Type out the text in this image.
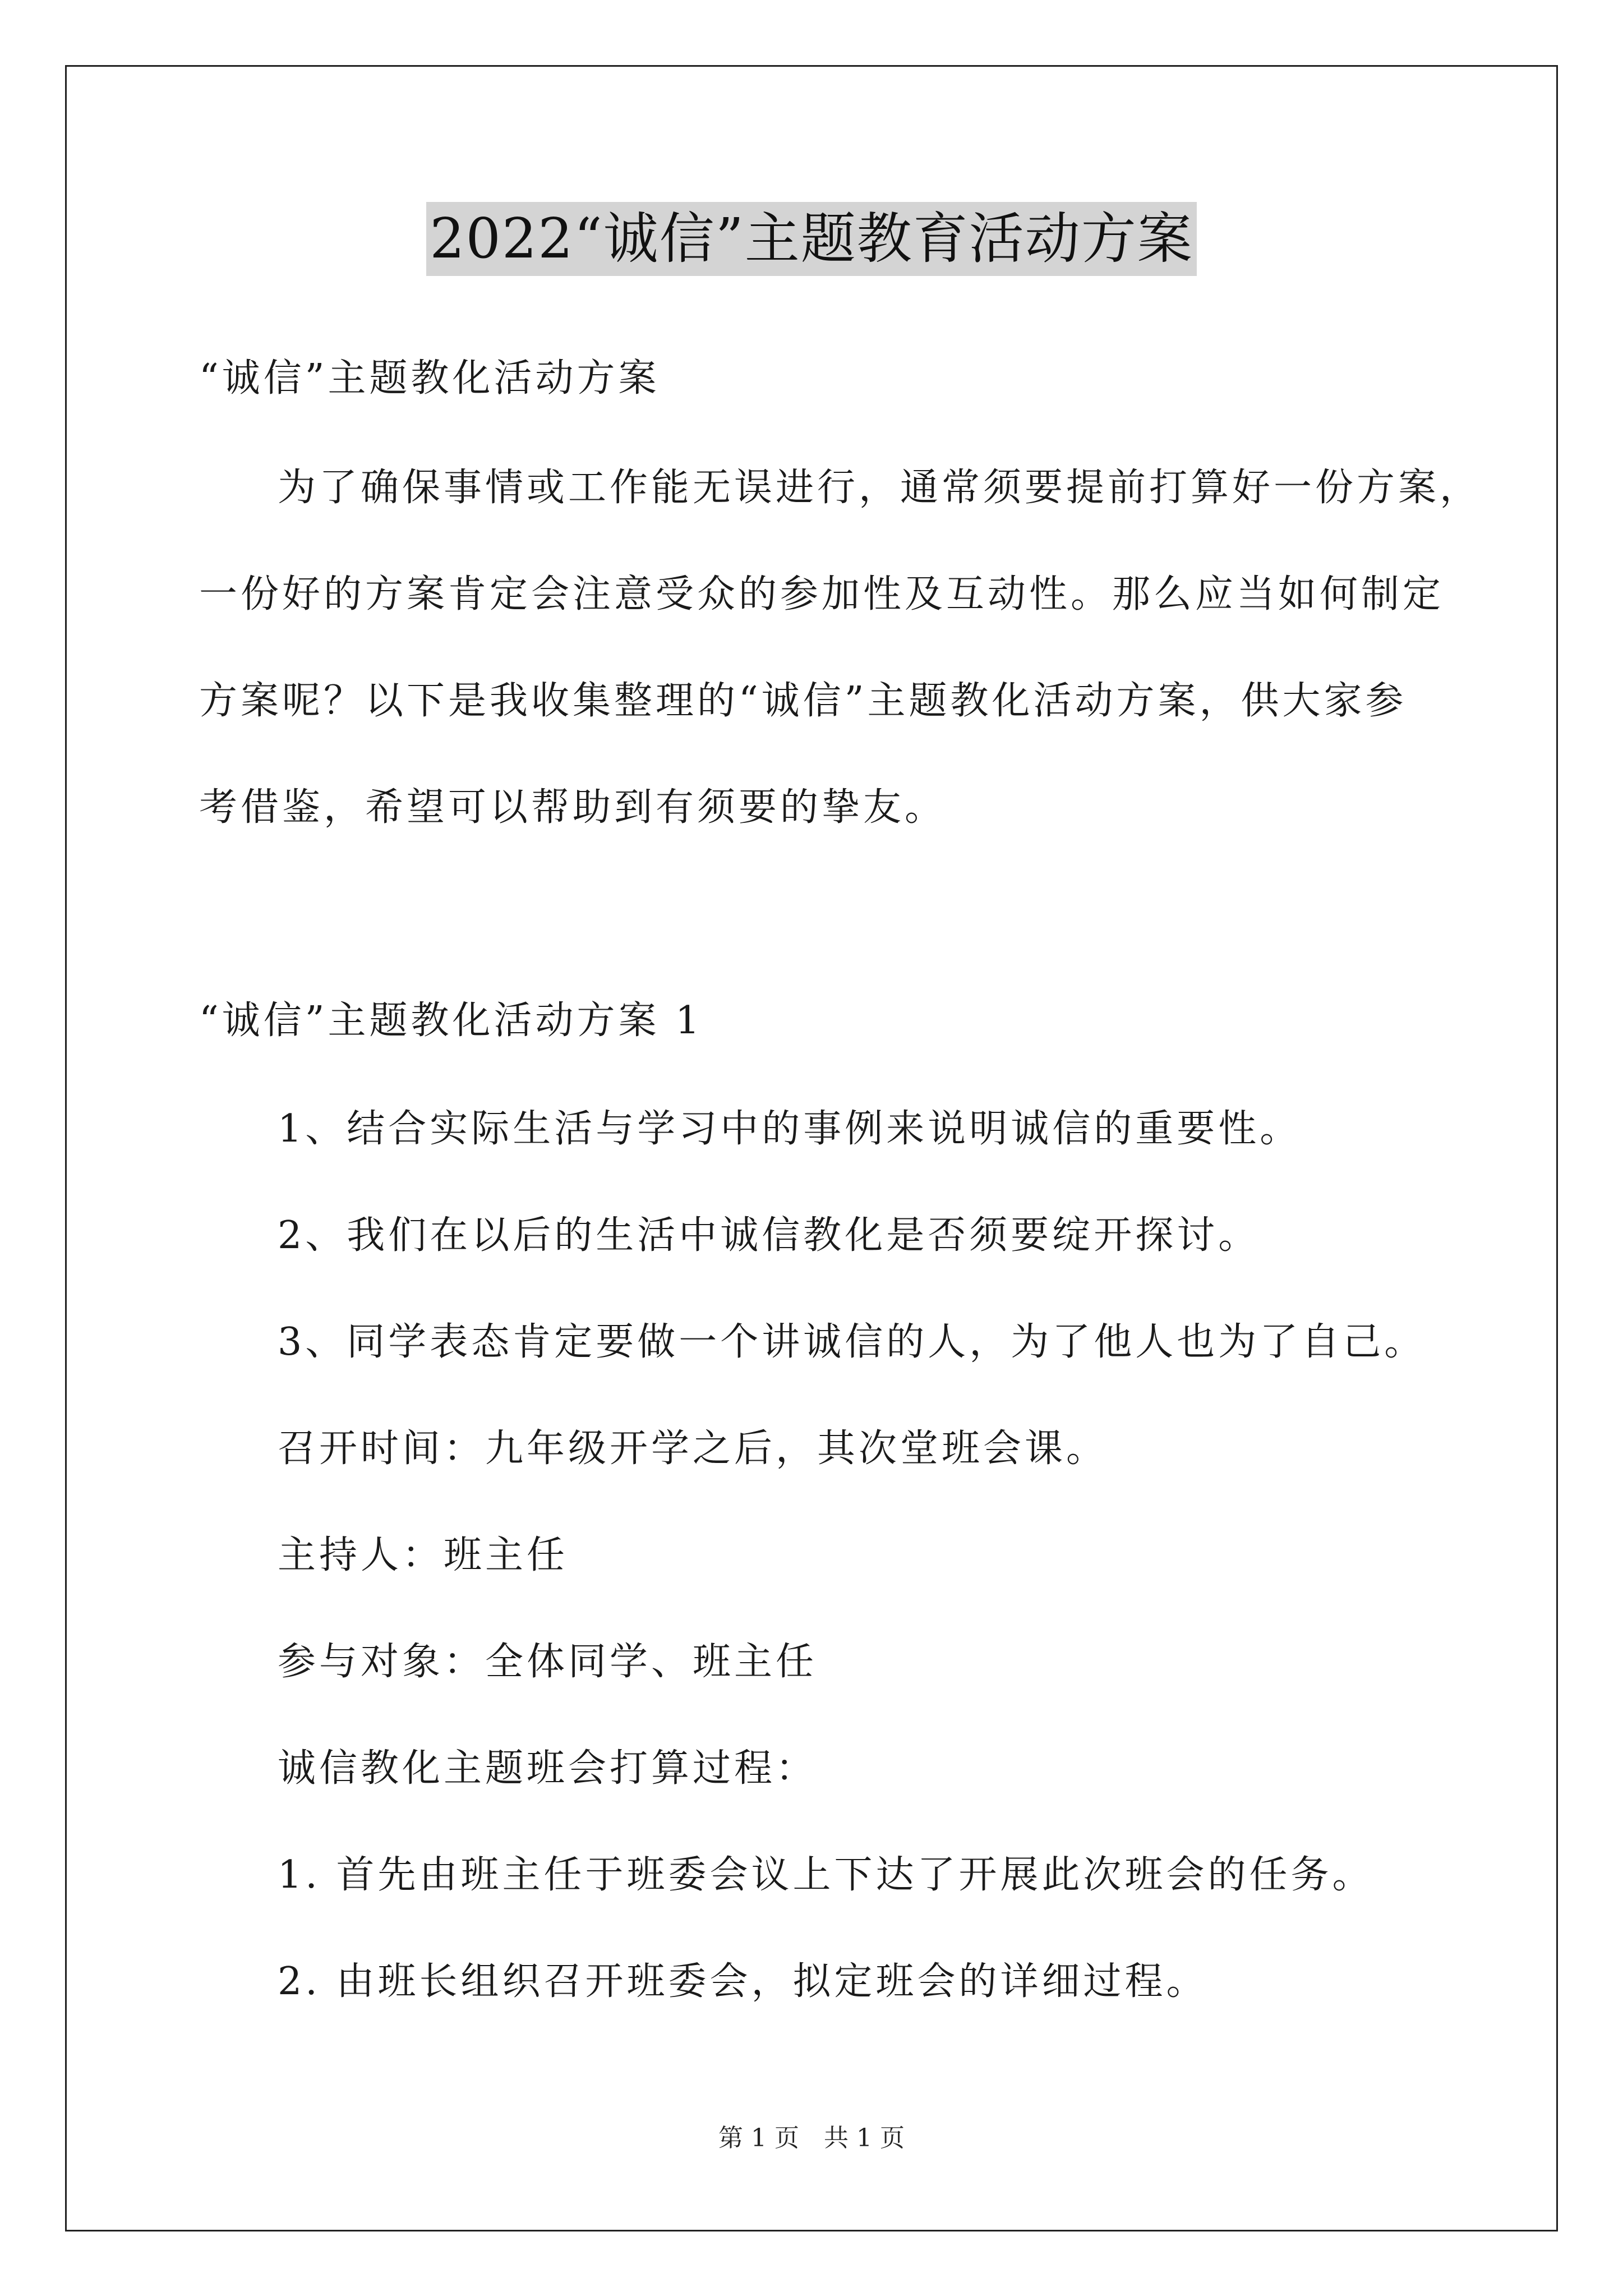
2022“诚信”主题教育活动方案
“诚信”主题教化活动方案
为了确保事情或工作能无误进行，通常须要提前打算好一份方案，
一份好的方案肯定会注意受众的参加性及互动性。那么应当如何制定
方案呢？以下是我收集整理的“诚信”主题教化活动方案，供大家参
考借鉴，希望可以帮助到有须要的挚友。
“诚信”主题教化活动方案 1
1、结合实际生活与学习中的事例来说明诚信的重要性。
2、我们在以后的生活中诚信教化是否须要绽开探讨。
3、同学表态肯定要做一个讲诚信的人，为了他人也为了自己。
召开时间：九年级开学之后，其次堂班会课。
主持人：班主任
参与对象：全体同学、班主任
诚信教化主题班会打算过程：
1. 首先由班主任于班委会议上下达了开展此次班会的任务。
2. 由班长组织召开班委会，拟定班会的详细过程。
第 1 页　共 1 页
